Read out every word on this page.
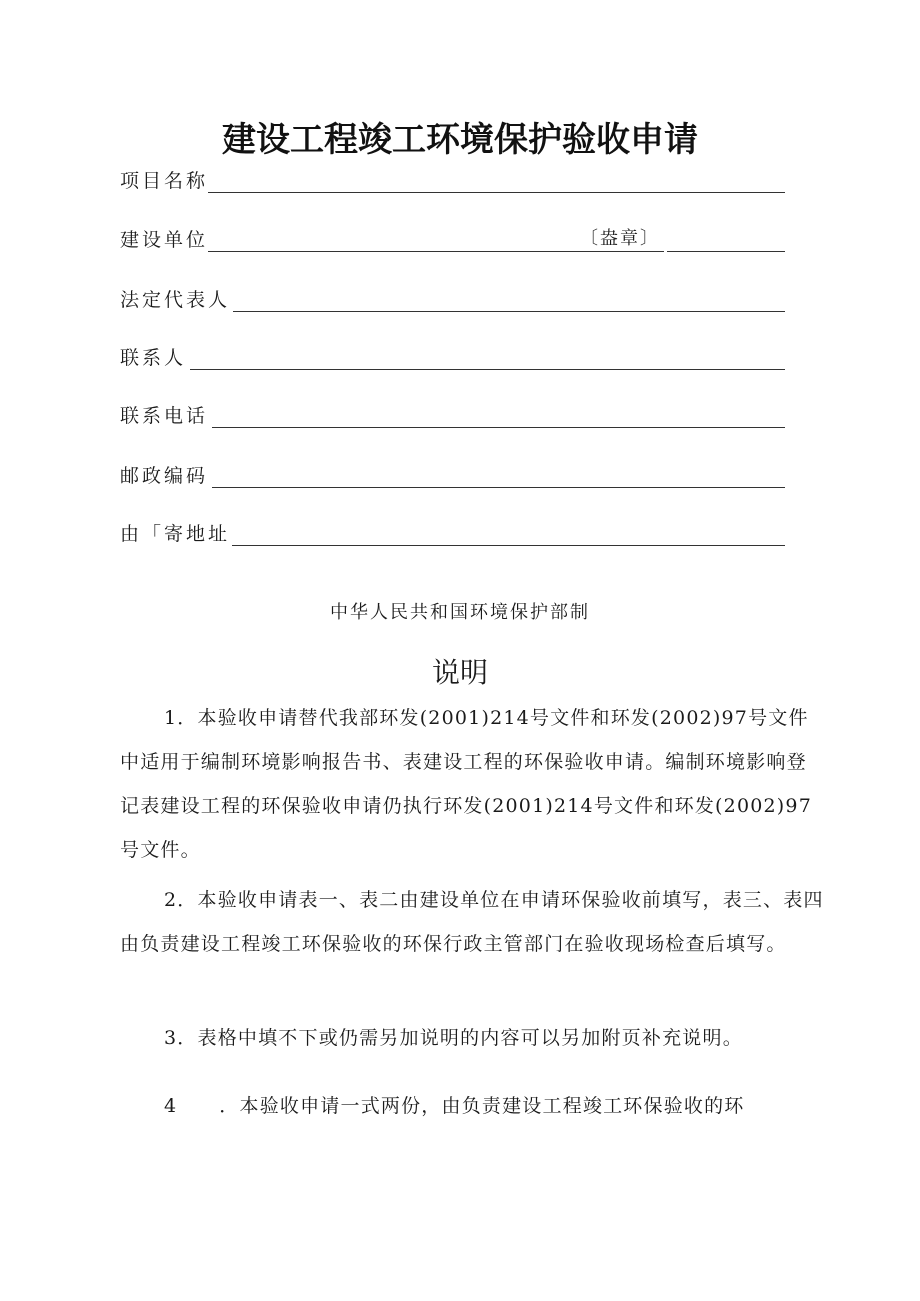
建设工程竣工环境保护验收申请
项目名称
建设单位	〔盎章〕
法定代表人
联系人
联系电话
邮政编码
由「寄地址
中华人民共和国环境保护部制
说明

1．本验收申请替代我部环发(2001)214号文件和环发(2002)97号文件中适用于编制环境影响报告书、表建设工程的环保验收申请。编制环境影响登记表建设工程的环保验收申请仍执行环发(2001)214号文件和环发(2002)97号文件。

2．本验收申请表一、表二由建设单位在申请环保验收前填写，表三、表四由负责建设工程竣工环保验收的环保行政主管部门在验收现场检查后填写。

3．表格中填不下或仍需另加说明的内容可以另加附页补充说明。

4 ．本验收申请一式两份，由负责建设工程竣工环保验收的环
